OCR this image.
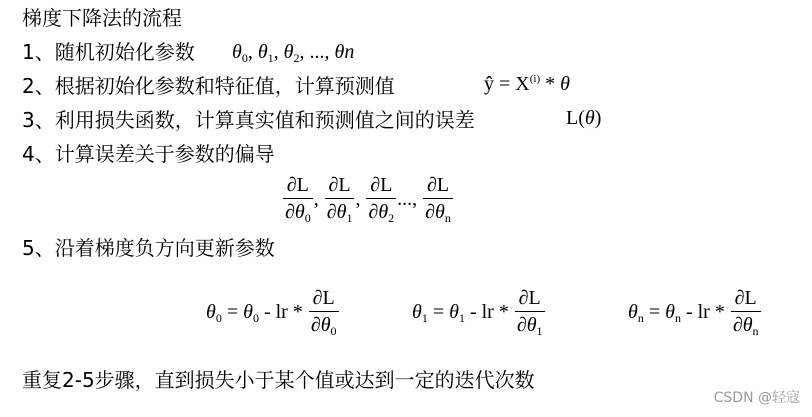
梯度下降法的流程
1、随机初始化参数 $\theta_0$, $\theta_1$, $\theta_2$, ..., θn
2、根据初始化参数和特征值，计算预测值	ŷ = $X^{(i)}$ * θ
3、利用损失函数，计算真实值和预测值之间的误差	L(θ)
4、计算误差关于参数的偏导
$\frac{\partial L}{\partial\theta_0}$ , $\frac{\partial L}{\partial\theta_1}$ , $\frac{\partial L}{\partial\theta_2}$ ..., $\frac{\partial L}{\partial\theta_n}$
5、沿着梯度负方向更新参数
$\theta_0 = \theta_0$ - lr * $\frac{\partial L}{\partial\theta_0}$	$\theta_1 = \theta_1$ - lr * $\frac{\partial L}{\partial\theta_1}$	$\theta_n = \theta_n$ - lr * $\frac{\partial L}{\partial\theta_n}$
重复2-5步骤，直到损失小于某个值或达到一定的迭代次数
CSDN @轻寇
